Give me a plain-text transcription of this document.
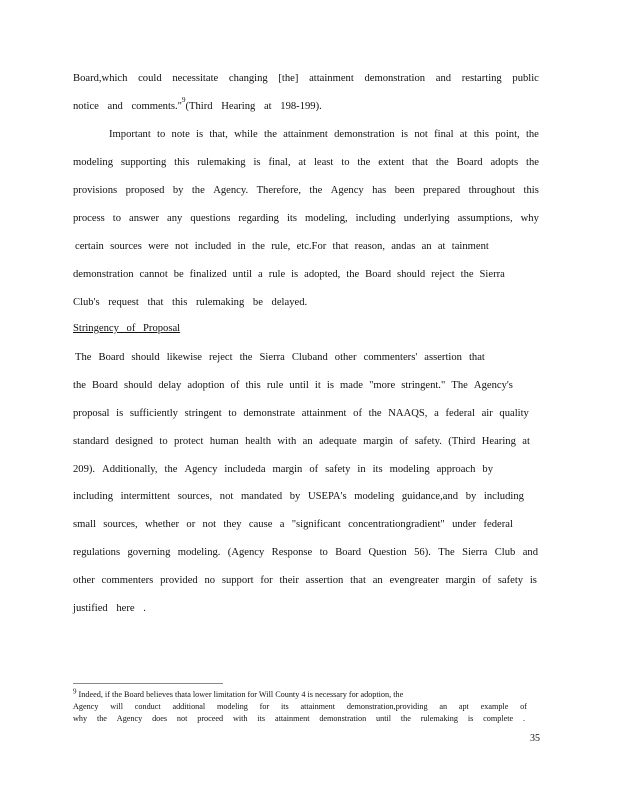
Board,which could necessitate changing [the] attainment demonstration and restarting public
notice and comments."
9
(Third Hearing at 198-199).
Important to note is that, while the attainment demonstration is not final at this point, the
modeling supporting this rulemaking is final, at least to the extent that the Board adopts the
provisions proposed by the Agency. Therefore, the Agency has been prepared throughout this
process to answer any questions regarding its modeling, including underlying assumptions, why
certain sources were not included in the rule, etc.For that reason, andas an at tainment
demonstration cannot be finalized until a rule is adopted, the Board should reject the Sierra
Club's request that this rulemaking be delayed.
Stringency of Proposal
The Board should likewise reject the Sierra Cluband other commenters' assertion that
the Board should delay adoption of this rule until it is made "more stringent." The Agency's
proposal is sufficiently stringent to demonstrate attainment of the NAAQS, a federal air quality
standard designed to protect human health with an adequate margin of safety. (Third Hearing at
209). Additionally, the Agency includeda margin of safety in its modeling approach by
including intermittent sources, not mandated by USEPA's modeling guidance,and by including
small sources, whether or not they cause a "significant concentrationgradient" under federal
regulations governing modeling. (Agency Response to Board Question 56). The Sierra Club and
other commenters provided no support for their assertion that an evengreater margin of safety is
justified here .
9 Indeed, if the Board believes thata lower limitation for Will County 4 is necessary for adoption, the
Agency will conduct additional modeling for its attainment demonstration,providing an apt example of
why the Agency does not proceed with its attainment demonstration until the rulemaking is complete .
35
